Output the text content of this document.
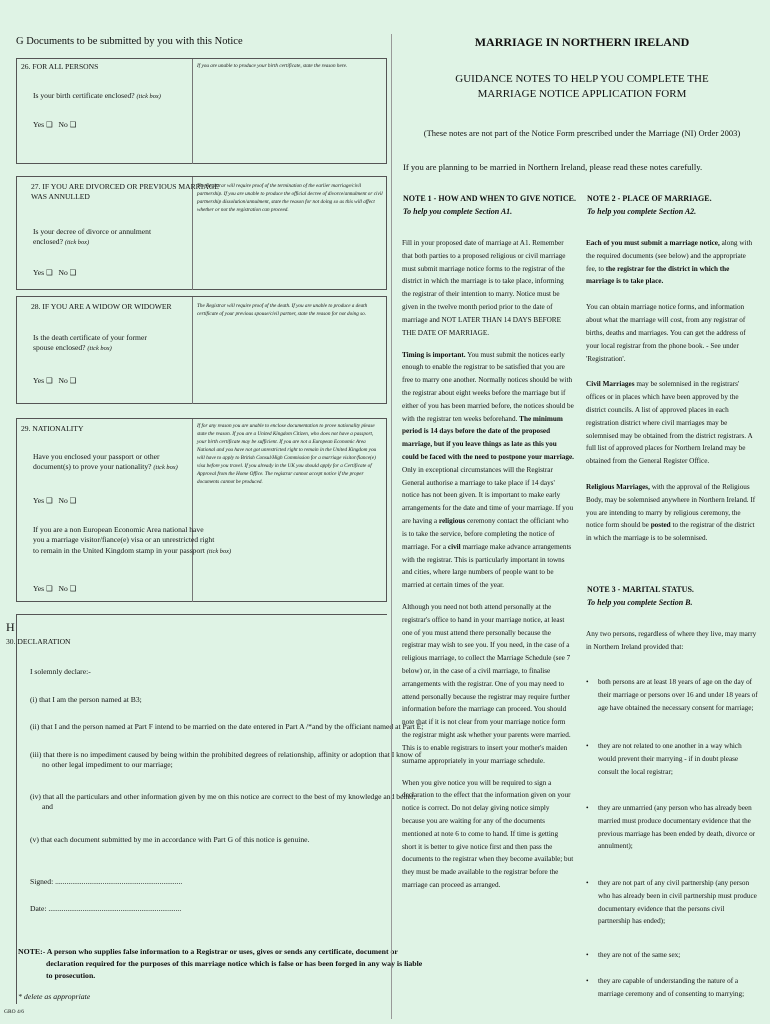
G Documents to be submitted by you with this Notice
26. FOR ALL PERSONS	If you are unable to produce your birth certificate, state the reason here.
Is your birth certificate enclosed? (tick box)
Yes ❑ No ❑
27. IF YOU ARE DIVORCED OR PREVIOUS MARRIAGE
WAS ANNULLED
The Registrar will require proof of the termination of the earlier marriage/civil partnership. If you are unable to produce the official decree of divorce/annulment or civil partnership dissolution/annulment, state the reason for not doing so as this will affect whether or not the registration can proceed.
Is your decree of divorce or annulment
enclosed? (tick box)
Yes ❑ No ❑
28. IF YOU ARE A WIDOW OR WIDOWER	The Registrar will require proof of the death. If you are unable to produce a death certificate of your previous spouse/civil partner, state the reason for not doing so.
Is the death certificate of your former
spouse enclosed? (tick box)
Yes ❑ No ❑
29. NATIONALITY	If for any reason you are unable to enclose documentation to prove nationality please state the reason. If you are a United Kingdom Citizen, who does not have a passport, your birth certificate may be sufficient. If you are not a European Economic Area National and you have not got unrestricted right to remain in the United Kingdom you will have to apply to British Consul/High Commission for a marriage visitor/fiance(e) visa before you travel. If you already in the UK you should apply for a Certificate of Approval from the Home Office. The registrar cannot accept notice if the proper documents cannot be produced.
Have you enclosed your passport or other
document(s) to prove your nationality? (tick box)
Yes ❑ No ❑
If you are a non European Economic Area national have
you a marriage visitor/fiance(e) visa or an unrestricted right
to remain in the United Kingdom stamp in your passport (tick box)
Yes ❑ No ❑
H
30. DECLARATION
I solemnly declare:-
(i) that I am the person named at B3;
(ii) that I and the person named at Part F intend to be married on the date entered in Part A /*and by the officiant named at Part E;
(iii) that there is no impediment caused by being within the prohibited degrees of relationship, affinity or adoption that I know of
no other legal impediment to our marriage;
(iv) that all the particulars and other information given by me on this notice are correct to the best of my knowledge and belief;
and
(v) that each document submitted by me in accordance with Part G of this notice is genuine.
Signed: ...................................................................
Date: ......................................................................
NOTE:- A person who supplies false information to a Registrar or uses, gives or sends any certificate, document or
declaration required for the purposes of this marriage notice which is false or has been forged in any way is liable
to prosecution.
* delete as appropriate
GRO 4/6
MARRIAGE IN NORTHERN IRELAND
GUIDANCE NOTES TO HELP YOU COMPLETE THE
MARRIAGE NOTICE APPLICATION FORM
(These notes are not part of the Notice Form prescribed under the Marriage (NI) Order 2003)
If you are planning to be married in Northern Ireland, please read these notes carefully.
NOTE 1 - HOW AND WHEN TO GIVE NOTICE.
To help you complete Section A1.
NOTE 2 - PLACE OF MARRIAGE.
To help you complete Section A2.

Fill in your proposed date of marriage at A1. Remember that both parties to a proposed religious or civil marriage must submit marriage notice forms to the registrar of the district in which the marriage is to take place, informing the registrar of their intention to marry. Notice must be given in the twelve month period prior to the date of marriage and NOT LATER THAN 14 DAYS BEFORE THE DATE OF MARRIAGE.

Timing is important. You must submit the notices early enough to enable the registrar to be satisfied that you are free to marry one another. Normally notices should be with the registrar about eight weeks before the marriage but if either of you has been married before, the notices should be with the registrar ten weeks beforehand. The minimum period is 14 days before the date of the proposed marriage, but if you leave things as late as this you could be faced with the need to postpone your marriage. Only in exceptional circumstances will the Registrar General authorise a marriage to take place if 14 days' notice has not been given. It is important to make early arrangements for the date and time of your marriage. If you are having a religious ceremony contact the officiant who is to take the service, before completing the notice of marriage. For a civil marriage make advance arrangements with the registrar. This is particularly important in towns and cities, where large numbers of people want to be married at certain times of the year.

Although you need not both attend personally at the registrar's office to hand in your marriage notice, at least one of you must attend there personally because the registrar may wish to see you. If you need, in the case of a religious marriage, to collect the Marriage Schedule (see 7 below) or, in the case of a civil marriage, to finalise arrangements with the registrar. One of you may need to attend personally because the registrar may require further information before the marriage can proceed. You should note that if it is not clear from your marriage notice form the registrar might ask whether your parents were married. This is to enable registrars to insert your mother's maiden surname appropriately in your marriage schedule.

When you give notice you will be required to sign a declaration to the effect that the information given on your notice is correct. Do not delay giving notice simply because you are waiting for any of the documents mentioned at note 6 to come to hand. If time is getting short it is better to give notice first and then pass the documents to the registrar when they become available; but they must be made available to the registrar before the marriage can proceed as arranged.

Each of you must submit a marriage notice, along with the required documents (see below) and the appropriate fee, to the registrar for the district in which the marriage is to take place.

You can obtain marriage notice forms, and information about what the marriage will cost, from any registrar of births, deaths and marriages. You can get the address of your local registrar from the phone book. - See under 'Registration'.

Civil Marriages may be solemnised in the registrars' offices or in places which have been approved by the district councils. A list of approved places in each registration district where civil marriages may be solemnised may be obtained from the district registrars. A full list of approved places for Northern Ireland may be obtained from the General Register Office.

Religious Marriages, with the approval of the Religious Body, may be solemnised anywhere in Northern Ireland. If you are intending to marry by religious ceremony, the notice form should be posted to the registrar of the district in which the marriage is to be solemnised.

NOTE 3 - MARITAL STATUS.
To help you complete Section B.
Any two persons, regardless of where they live, may marry in Northern Ireland provided that:
• both persons are at least 18 years of age on the day of their marriage or persons over 16 and under 18 years of age have obtained the necessary consent for marriage;
• they are not related to one another in a way which would prevent their marrying - if in doubt please consult the local registrar;
• they are unmarried (any person who has already been married must produce documentary evidence that the previous marriage has been ended by death, divorce or annulment);
• they are not part of any civil partnership (any person who has already been in civil partnership must produce documentary evidence that the persons civil partnership has ended);
• they are not of the same sex;
• they are capable of understanding the nature of a marriage ceremony and of consenting to marrying;
